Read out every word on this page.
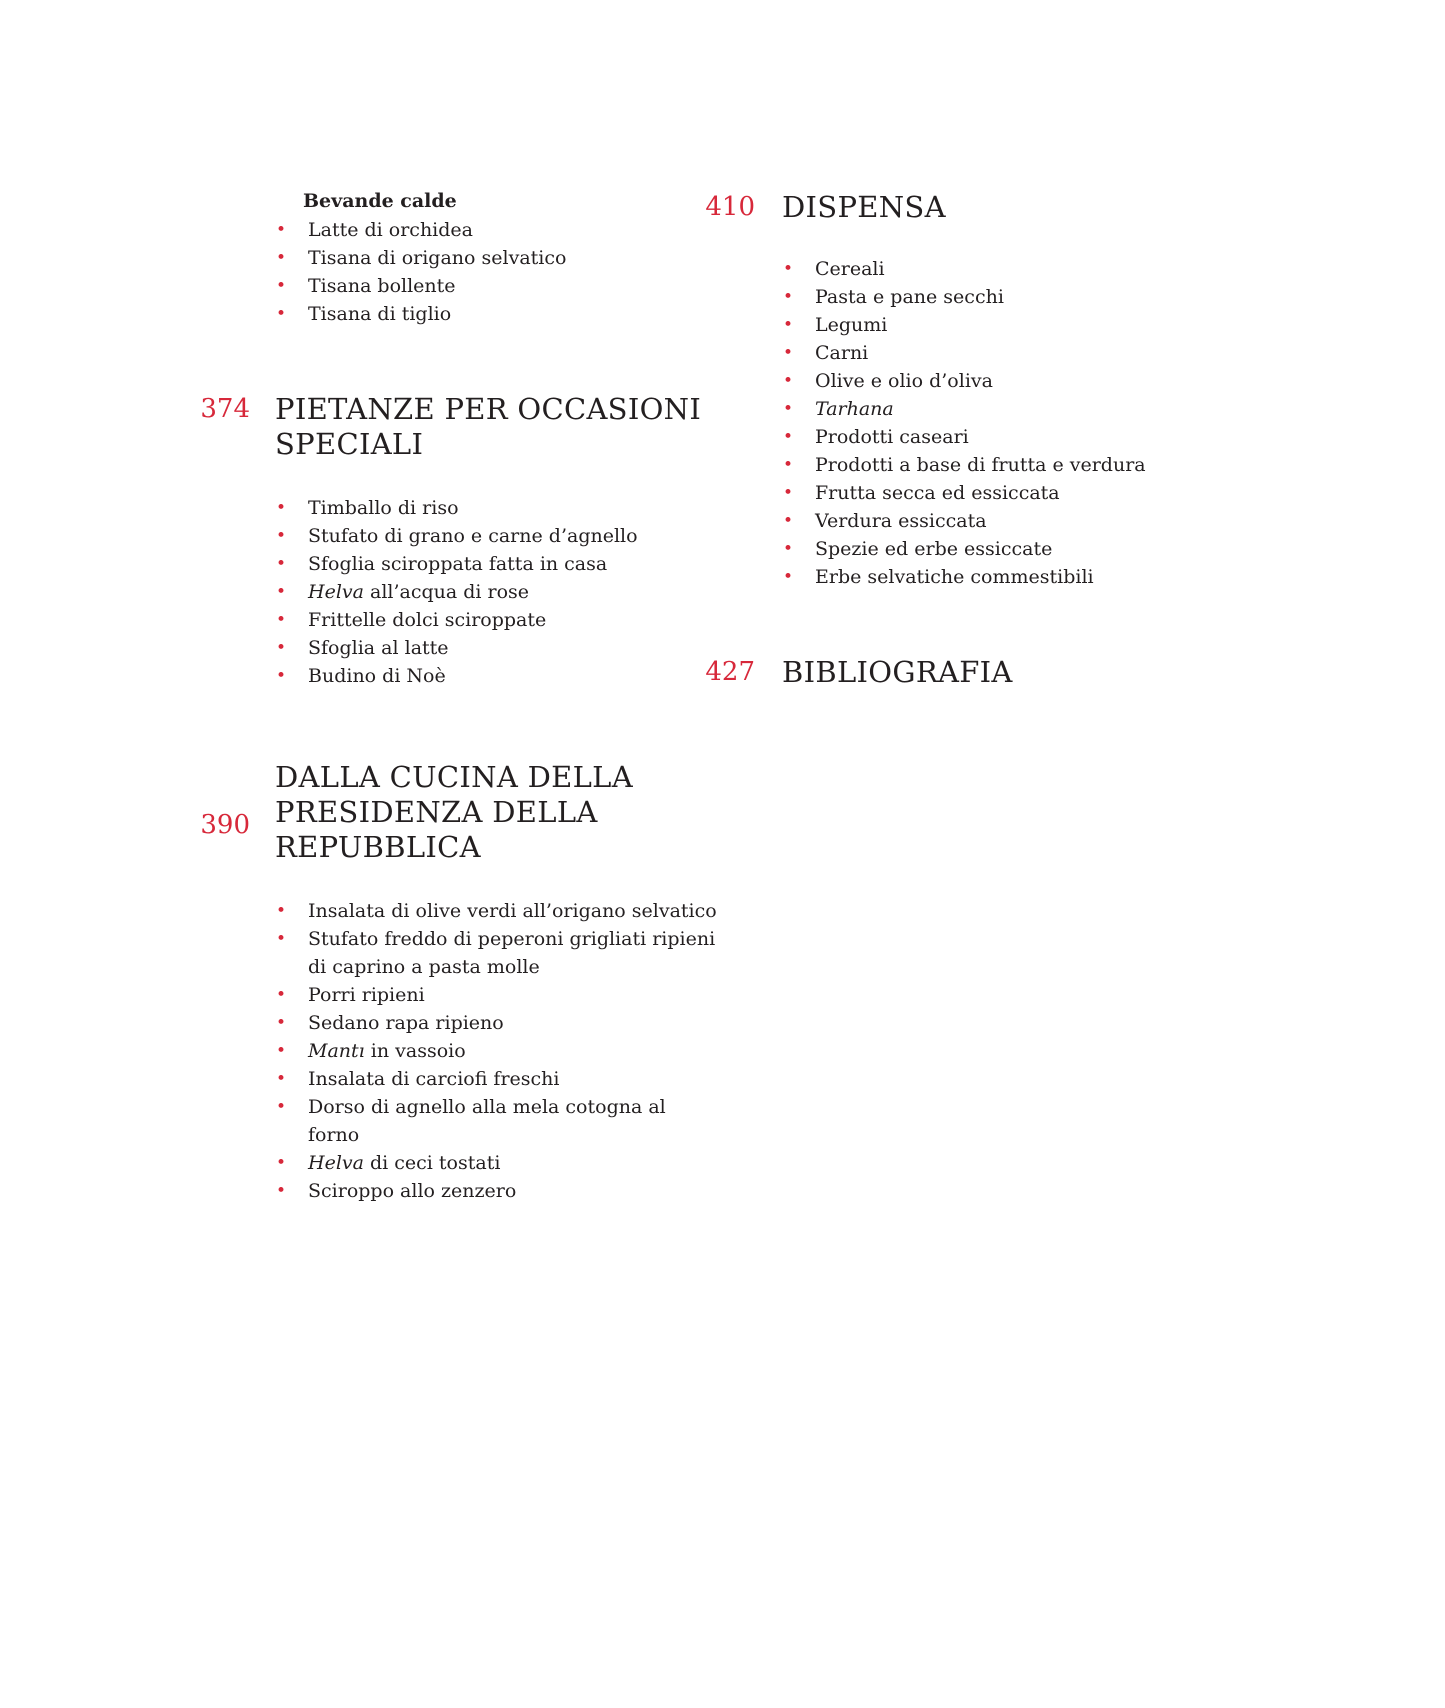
Bevande calde
• Latte di orchidea
• Tisana di origano selvatico
• Tisana bollente
• Tisana di tiglio
374 PIETANZE PER OCCASIONI
SPECIALI
• Timballo di riso
• Stufato di grano e carne d’agnello
• Sfoglia sciroppata fatta in casa
• Helva all’acqua di rose
• Frittelle dolci sciroppate
• Sfoglia al latte
• Budino di Noè
390
DALLA CUCINA DELLA
PRESIDENZA DELLA
REPUBBLICA
• Insalata di olive verdi all’origano selvatico
• Stufato freddo di peperoni grigliati ripieni di caprino a pasta molle
• Porri ripieni
• Sedano rapa ripieno
• Mantı in vassoio
• Insalata di carciofi freschi
• Dorso di agnello alla mela cotogna al forno
• Helva di ceci tostati
• Sciroppo allo zenzero
410 DISPENSA
• Cereali
• Pasta e pane secchi
• Legumi
• Carni
• Olive e olio d’oliva
• Tarhana
• Prodotti caseari
• Prodotti a base di frutta e verdura
• Frutta secca ed essiccata
• Verdura essiccata
• Spezie ed erbe essiccate
• Erbe selvatiche commestibili
427 BIBLIOGRAFIA
